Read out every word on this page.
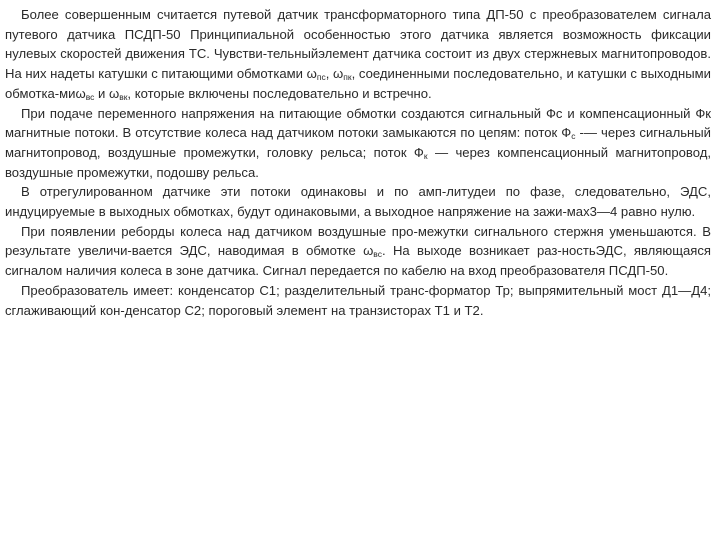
Более совершенным считается путевой датчик трансформаторного типа ДП-50 с преобразователем сигнала путевого датчика ПСДП-50 Принципиальной особенностью этого датчика является возможность фиксации нулевых скоростей движения ТС. Чувстви-тельныйэлемент датчика состоит из двух стержневых магнитопроводов. На них надеты катушки с питающими обмотками $\omega_{пс}$, $\omega_{пк}$, соединенными последовательно, и катушки с выходными обмотка-миω$_{вс}$ и $\omega_{вк}$, которые включены последовательно и встречно.

При подаче переменного напряжения на питающие обмотки создаются сигнальный Фс и компенсационный Фк магнитные потоки. В отсутствие колеса над датчиком потоки замыкаются по цепям: поток $Ф_с$ -— через сигнальный магнитопровод, воздушные промежутки, головку рельса; поток $Ф_к$ — через компенсационный магнитопровод, воздушные промежутки, подошву рельса.

В отрегулированном датчике эти потоки одинаковы и по амп-литудеи по фазе, следовательно, ЭДС, индуцируемые в выходных обмотках, будут одинаковыми, а выходное напряжение на зажи-мах3—4 равно нулю.

При появлении реборды колеса над датчиком воздушные про-межутки сигнального стержня уменьшаются. В результате увеличи-вается ЭДС, наводимая в обмотке $\omega_{вс}$. На выходе возникает раз-ностьЭДС, являющаяся сигналом наличия колеса в зоне датчика. Сигнал передается по кабелю на вход преобразователя ПСДП-50.

Преобразователь имеет: конденсатор С1; разделительный транс-форматор Тр; выпрямительный мост Д1—Д4; сглаживающий кон-денсатор С2; пороговый элемент на транзисторах Т1 и Т2.
